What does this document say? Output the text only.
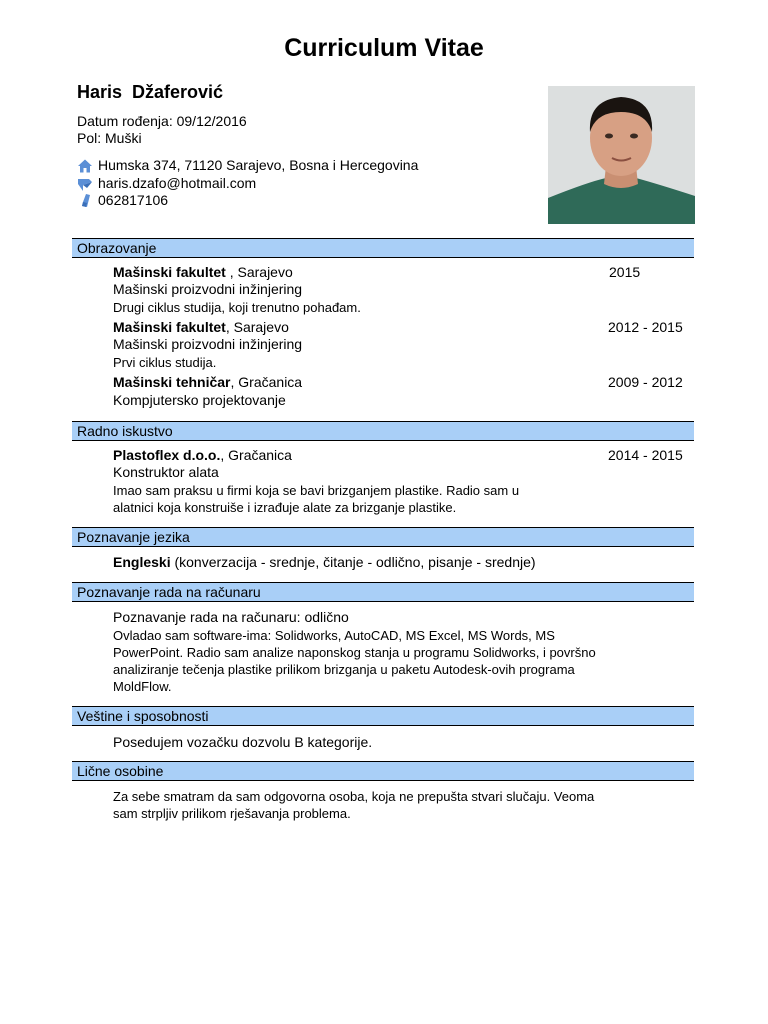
Curriculum Vitae
Haris  Džaferović
Datum rođenja: 09/12/2016
Pol: Muški
Humska 374, 71120 Sarajevo, Bosna i Hercegovina
haris.dzafo@hotmail.com
062817106
Obrazovanje
Mašinski fakultet , Sarajevo	2015
Mašinski proizvodni inžinjering
Drugi ciklus studija, koji trenutno pohađam.
Mašinski fakultet, Sarajevo	2012 - 2015
Mašinski proizvodni inžinjering
Prvi ciklus studija.
Mašinski tehničar, Gračanica	2009 - 2012
Kompjutersko projektovanje
Radno iskustvo
Plastoflex d.o.o., Gračanica	2014 - 2015
Konstruktor alata
Imao sam praksu u firmi koja se bavi brizganjem plastike. Radio sam u
alatnici koja konstruiše i izrađuje alate za brizganje plastike.
Poznavanje jezika
Engleski (konverzacija - srednje, čitanje - odlično, pisanje - srednje)
Poznavanje rada na računaru
Poznavanje rada na računaru: odlično
Ovladao sam software-ima: Solidworks, AutoCAD, MS Excel, MS Words, MS
PowerPoint. Radio sam analize naponskog stanja u programu Solidworks, i površno
analiziranje tečenja plastike prilikom brizganja u paketu Autodesk-ovih programa
MoldFlow.
Veštine i sposobnosti
Posedujem vozačku dozvolu B kategorije.
Lične osobine
Za sebe smatram da sam odgovorna osoba, koja ne prepušta stvari slučaju. Veoma
sam strpljiv prilikom rješavanja problema.
